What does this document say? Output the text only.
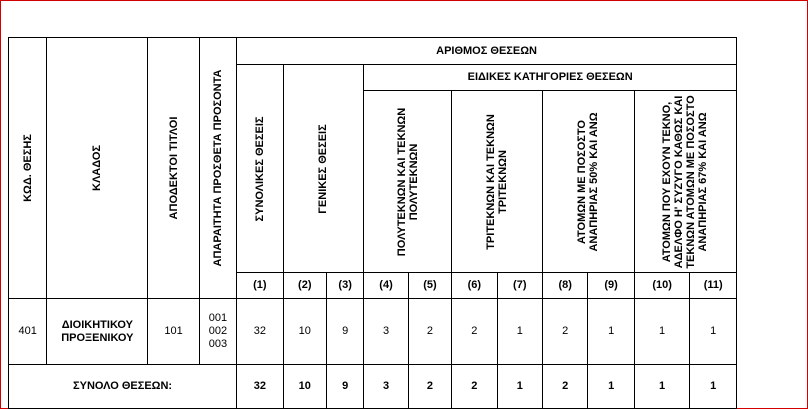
ΚΩΔ. ΘΕΣΗΣ	ΚΛΑΔΟΣ	ΑΠΟΔΕΚΤΟΙ ΤΙΤΛΟΙ	ΑΠΑΡΑΙΤΗΤΑ ΠΡΟΣΘΕΤΑ ΠΡΟΣΟΝΤΑ	ΑΡΙΘΜΟΣ ΘΕΣΕΩΝ										

				ΣΥΝΟΛΙΚΕΣ ΘΕΣΕΙΣ	ΓΕΝΙΚΕΣ ΘΕΣΕΙΣ		ΕΙΔΙΚΕΣ ΚΑΤΗΓΟΡΙΕΣ ΘΕΣΕΩΝ							

							ΠΟΛΥΤΕΚΝΩΝ ΚΑΙ ΤΕΚΝΩΝ ΠΟΛΥΤΕΚΝΩΝ		ΤΡΙΤΕΚΝΩΝ ΚΑΙ ΤΕΚΝΩΝ ΤΡΙΤΕΚΝΩΝ		ΑΤΟΜΩΝ ΜΕ ΠΟΣΟΣΤΟ ΑΝΑΠΗΡΙΑΣ 50% ΚΑΙ ΑΝΩ		ΑΤΟΜΩΝ ΠΟΥ ΕΧΟΥΝ ΤΕΚΝΟ, ΑΔΕΛΦΟ Η' ΣΥΖΥΓΟ ΚΑΘΩΣ ΚΑΙ ΤΕΚΝΩΝ ΑΤΟΜΩΝ ΜΕ ΠΟΣΟΣΤΟ ΑΝΑΠΗΡΙΑΣ 67% ΚΑΙ ΑΝΩ	

				(1)	(2)	(3)	(4)	(5)	(6)	(7)	(8)	(9)	(10)	(11)
401	ΔΙΟΙΚΗΤΙΚΟΥ ΠΡΟΞΕΝΙΚΟΥ	101	001
002
003	32	10	9	3	2	2	1	2	1	1	1
ΣΥΝΟΛΟ ΘΕΣΕΩΝ:				32	10	9	3	2	2	1	2	1	1	1
